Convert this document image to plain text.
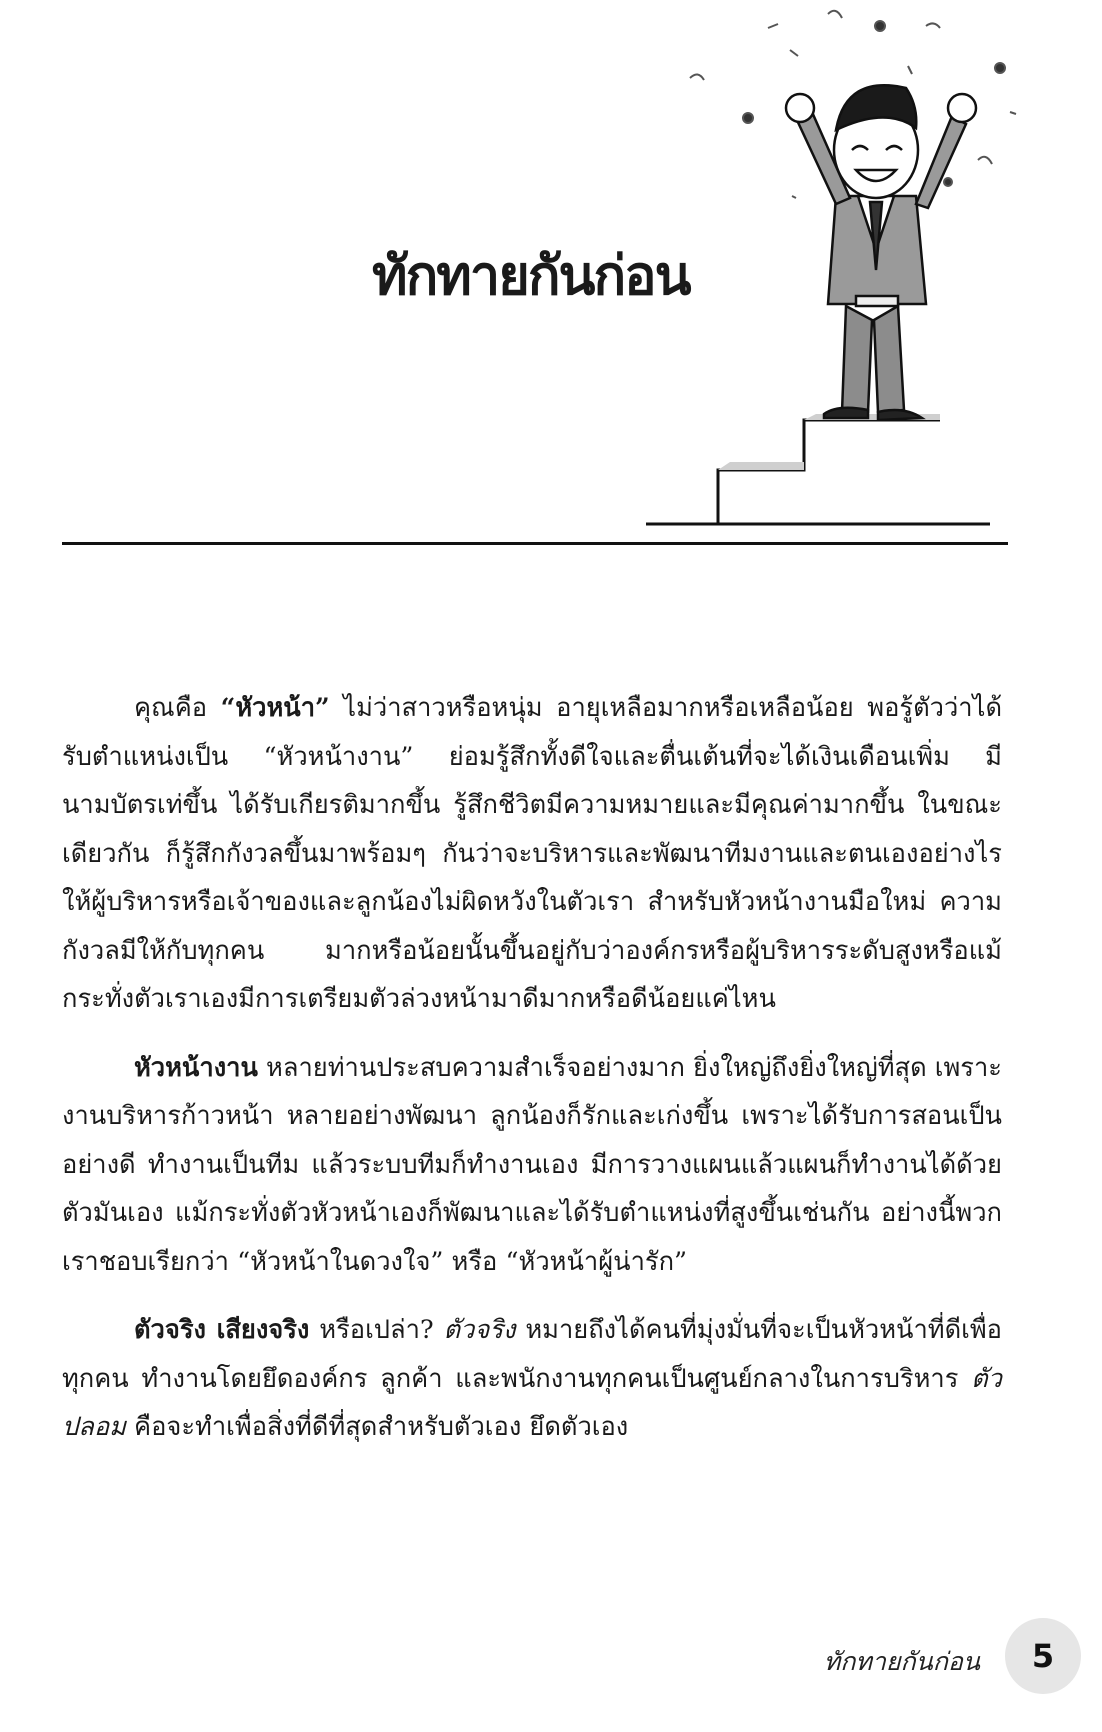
ทักทายกันก่อน

คุณคือ “หัวหน้า” ไม่ว่าสาวหรือหนุ่ม อายุเหลือมากหรือเหลือน้อย พอรู้ตัวว่าได้รับตำแหน่งเป็น “หัวหน้างาน” ย่อมรู้สึกทั้งดีใจและตื่นเต้นที่จะได้เงินเดือนเพิ่ม มีนามบัตรเท่ขึ้น ได้รับเกียรติมากขึ้น รู้สึกชีวิตมีความหมายและมีคุณค่ามากขึ้น ในขณะเดียวกัน ก็รู้สึกกังวลขึ้นมาพร้อมๆ กันว่าจะบริหารและพัฒนาทีมงานและตนเองอย่างไรให้ผู้บริหารหรือเจ้าของและลูกน้องไม่ผิดหวังในตัวเรา สำหรับหัวหน้างานมือใหม่ ความกังวลมีให้กับทุกคน มากหรือน้อยนั้นขึ้นอยู่กับว่าองค์กรหรือผู้บริหารระดับสูงหรือแม้กระทั่งตัวเราเองมีการเตรียมตัวล่วงหน้ามาดีมากหรือดีน้อยแค่ไหน

หัวหน้างาน หลายท่านประสบความสำเร็จอย่างมาก ยิ่งใหญ่ถึงยิ่งใหญ่ที่สุด เพราะงานบริหารก้าวหน้า หลายอย่างพัฒนา ลูกน้องก็รักและเก่งขึ้น เพราะได้รับการสอนเป็นอย่างดี ทำงานเป็นทีม แล้วระบบทีมก็ทำงานเอง มีการวางแผนแล้วแผนก็ทำงานได้ด้วยตัวมันเอง แม้กระทั่งตัวหัวหน้าเองก็พัฒนาและได้รับตำแหน่งที่สูงขึ้นเช่นกัน อย่างนี้พวกเราชอบเรียกว่า “หัวหน้าในดวงใจ” หรือ “หัวหน้าผู้น่ารัก”

ตัวจริง เสียงจริง หรือเปล่า? ตัวจริง หมายถึงได้คนที่มุ่งมั่นที่จะเป็นหัวหน้าที่ดีเพื่อทุกคน ทำงานโดยยึดองค์กร ลูกค้า และพนักงานทุกคนเป็นศูนย์กลางในการบริหาร ตัวปลอม คือจะทำเพื่อสิ่งที่ดีที่สุดสำหรับตัวเอง ยึดตัวเอง

ทักทายกันก่อน	5
